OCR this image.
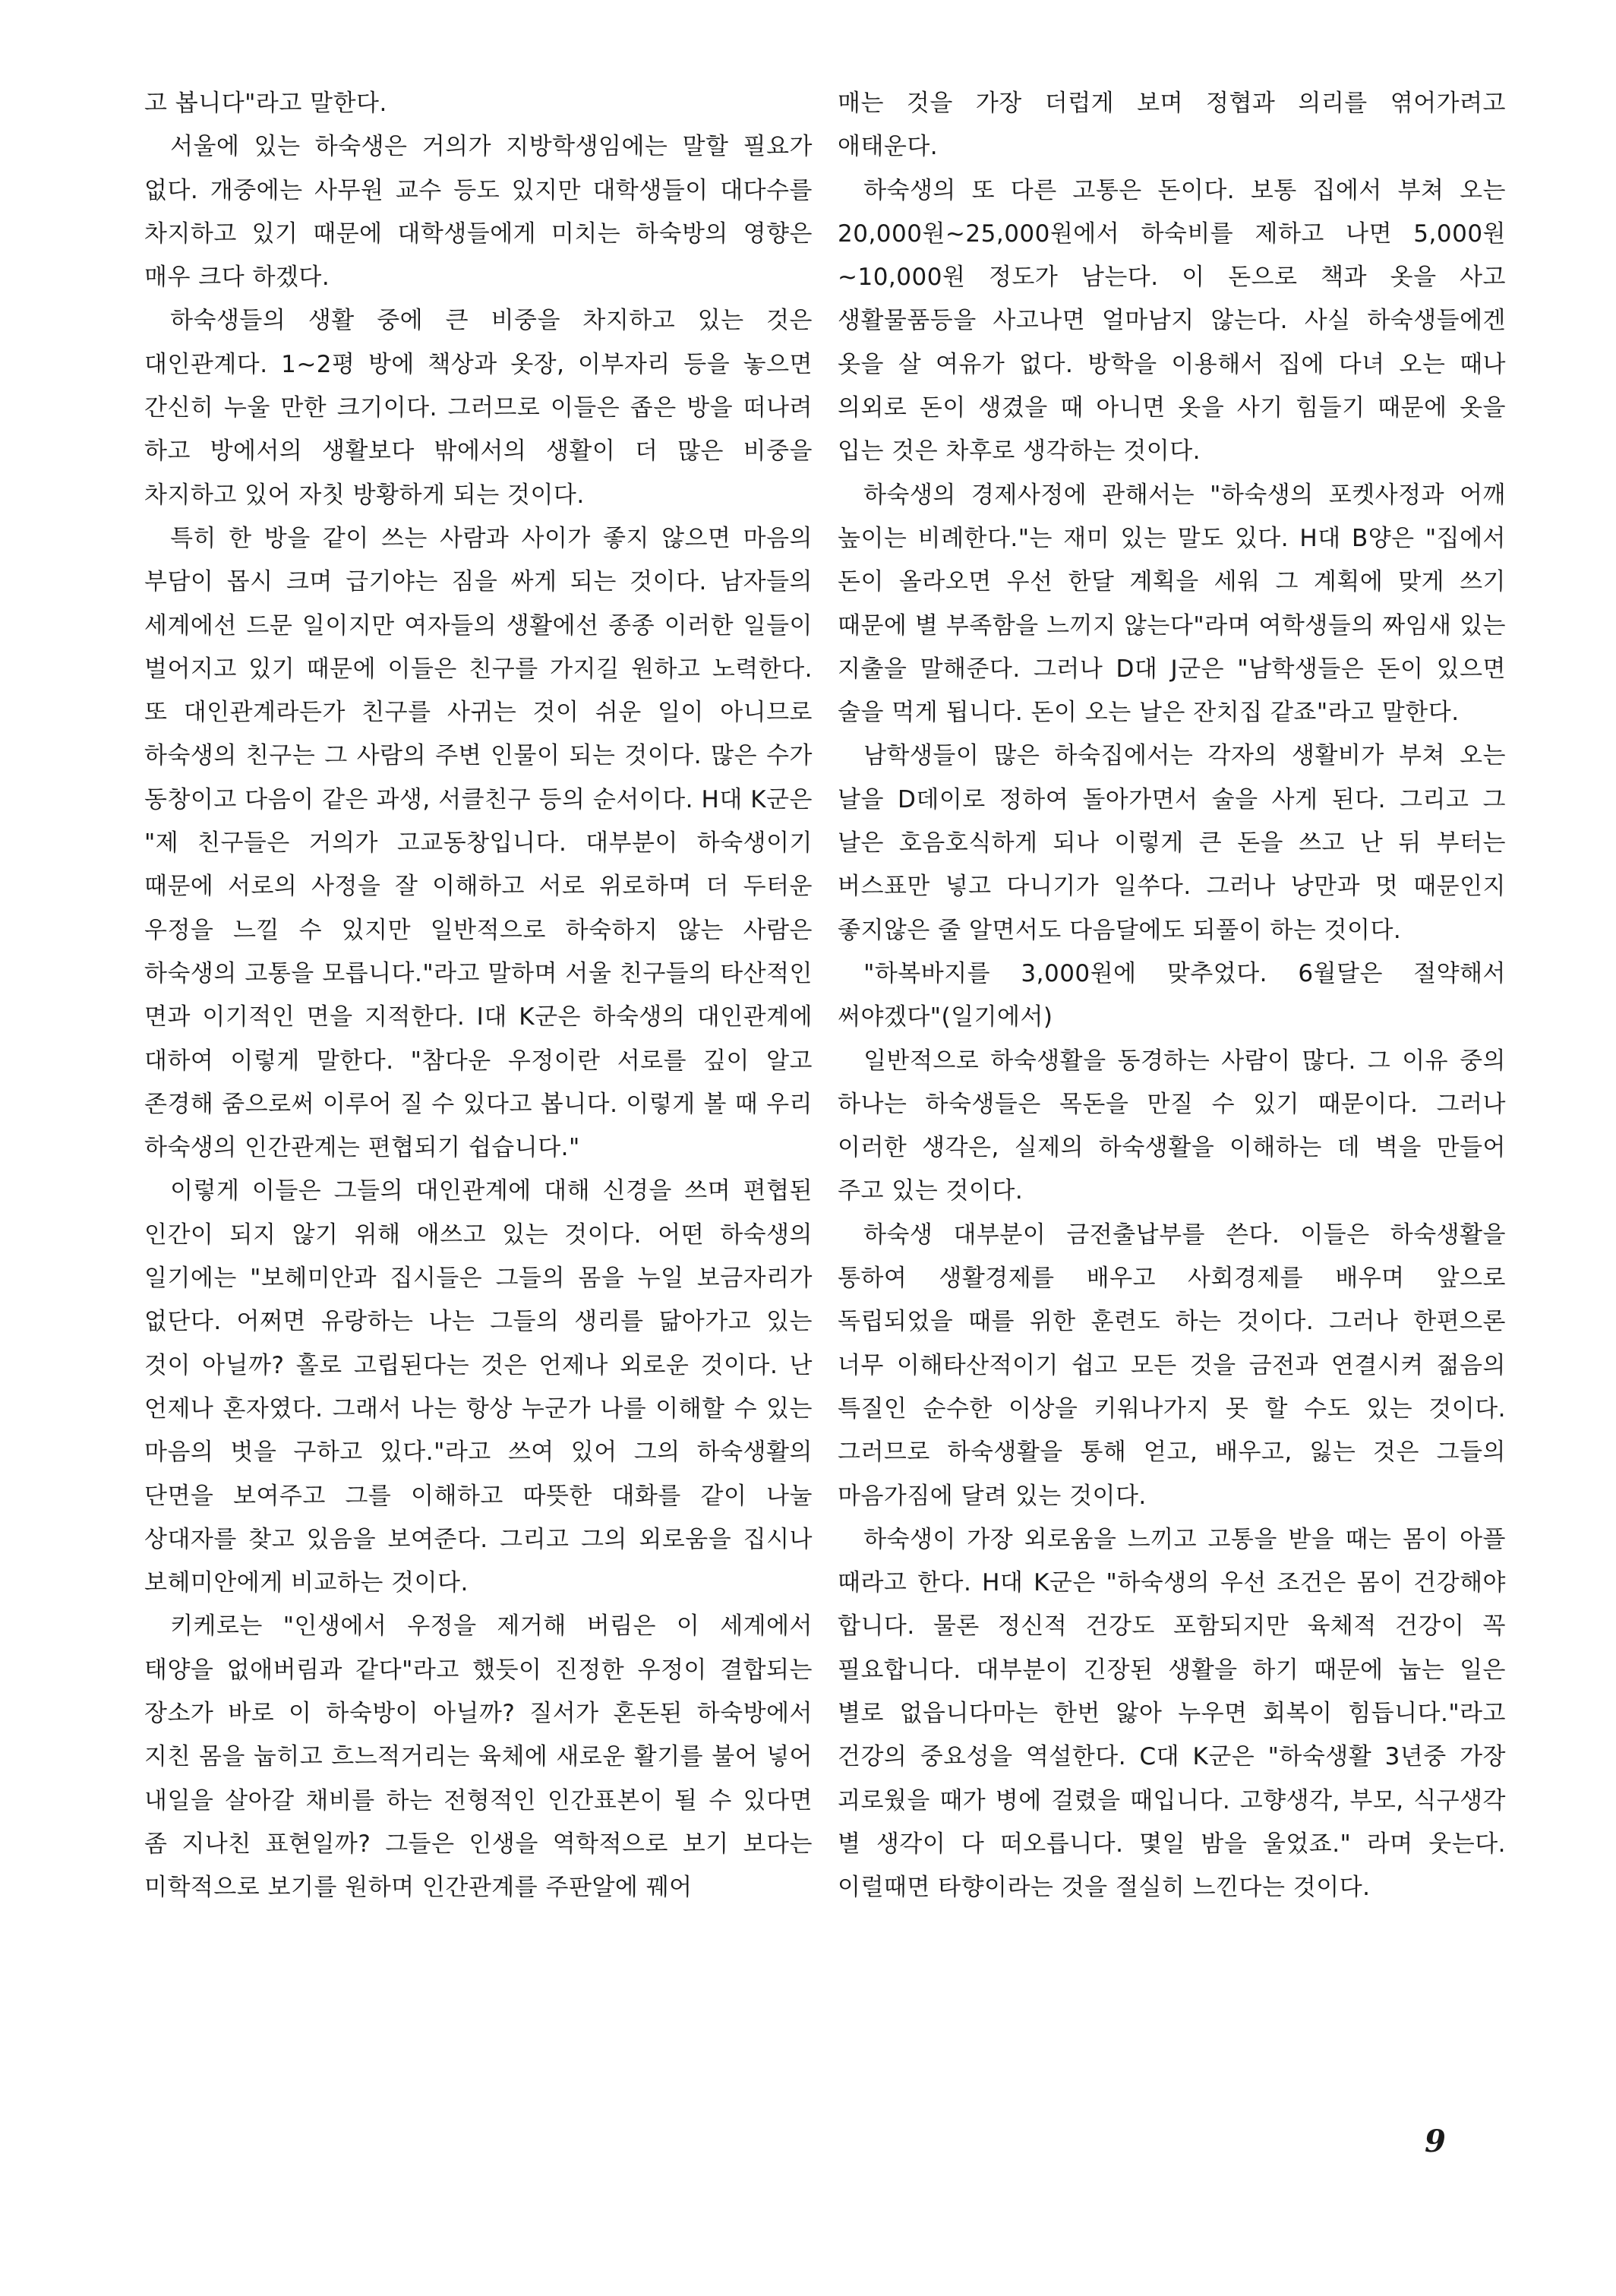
고 봅니다"라고 말한다.

서울에 있는 하숙생은 거의가 지방학생임에는 말할 필요가 없다. 개중에는 사무원 교수 등도 있지만 대학생들이 대다수를 차지하고 있기 때문에 대학생들에게 미치는 하숙방의 영향은 매우 크다 하겠다.

하숙생들의 생활 중에 큰 비중을 차지하고 있는 것은 대인관계다. 1~2평 방에 책상과 옷장, 이부자리 등을 놓으면 간신히 누울 만한 크기이다. 그러므로 이들은 좁은 방을 떠나려 하고 방에서의 생활보다 밖에서의 생활이 더 많은 비중을 차지하고 있어 자칫 방황하게 되는 것이다.

특히 한 방을 같이 쓰는 사람과 사이가 좋지 않으면 마음의 부담이 몹시 크며 급기야는 짐을 싸게 되는 것이다. 남자들의 세계에선 드문 일이지만 여자들의 생활에선 종종 이러한 일들이 벌어지고 있기 때문에 이들은 친구를 가지길 원하고 노력한다. 또 대인관계라든가 친구를 사귀는 것이 쉬운 일이 아니므로 하숙생의 친구는 그 사람의 주변 인물이 되는 것이다. 많은 수가 동창이고 다음이 같은 과생, 서클친구 등의 순서이다. H대 K군은 "제 친구들은 거의가 고교동창입니다. 대부분이 하숙생이기 때문에 서로의 사정을 잘 이해하고 서로 위로하며 더 두터운 우정을 느낄 수 있지만 일반적으로 하숙하지 않는 사람은 하숙생의 고통을 모릅니다."라고 말하며 서울 친구들의 타산적인 면과 이기적인 면을 지적한다. I대 K군은 하숙생의 대인관계에 대하여 이렇게 말한다. "참다운 우정이란 서로를 깊이 알고 존경해 줌으로써 이루어 질 수 있다고 봅니다. 이렇게 볼 때 우리 하숙생의 인간관계는 편협되기 쉽습니다."

이렇게 이들은 그들의 대인관계에 대해 신경을 쓰며 편협된 인간이 되지 않기 위해 애쓰고 있는 것이다. 어떤 하숙생의 일기에는 "보헤미안과 집시들은 그들의 몸을 누일 보금자리가 없단다. 어쩌면 유랑하는 나는 그들의 생리를 닮아가고 있는 것이 아닐까? 홀로 고립된다는 것은 언제나 외로운 것이다. 난 언제나 혼자였다. 그래서 나는 항상 누군가 나를 이해할 수 있는 마음의 벗을 구하고 있다."라고 쓰여 있어 그의 하숙생활의 단면을 보여주고 그를 이해하고 따뜻한 대화를 같이 나눌 상대자를 찾고 있음을 보여준다. 그리고 그의 외로움을 집시나 보헤미안에게 비교하는 것이다.

키케로는 "인생에서 우정을 제거해 버림은 이 세계에서 태양을 없애버림과 같다"라고 했듯이 진정한 우정이 결합되는 장소가 바로 이 하숙방이 아닐까? 질서가 혼돈된 하숙방에서 지친 몸을 눕히고 흐느적거리는 육체에 새로운 활기를 불어 넣어 내일을 살아갈 채비를 하는 전형적인 인간표본이 될 수 있다면 좀 지나친 표현일까? 그들은 인생을 역학적으로 보기 보다는 미학적으로 보기를 원하며 인간관계를 주판알에 꿰어

매는 것을 가장 더럽게 보며 정협과 의리를 엮어가려고 애태운다.

하숙생의 또 다른 고통은 돈이다. 보통 집에서 부쳐 오는 20,000원~25,000원에서 하숙비를 제하고 나면 5,000원~10,000원 정도가 남는다. 이 돈으로 책과 옷을 사고 생활물품등을 사고나면 얼마남지 않는다. 사실 하숙생들에겐 옷을 살 여유가 없다. 방학을 이용해서 집에 다녀 오는 때나 의외로 돈이 생겼을 때 아니면 옷을 사기 힘들기 때문에 옷을 입는 것은 차후로 생각하는 것이다.

하숙생의 경제사정에 관해서는 "하숙생의 포켓사정과 어깨 높이는 비례한다."는 재미 있는 말도 있다. H대 B양은 "집에서 돈이 올라오면 우선 한달 계획을 세워 그 계획에 맞게 쓰기 때문에 별 부족함을 느끼지 않는다"라며 여학생들의 짜임새 있는 지출을 말해준다. 그러나 D대 J군은 "남학생들은 돈이 있으면 술을 먹게 됩니다. 돈이 오는 날은 잔치집 같죠"라고 말한다.

남학생들이 많은 하숙집에서는 각자의 생활비가 부쳐 오는 날을 D데이로 정하여 돌아가면서 술을 사게 된다. 그리고 그 날은 호음호식하게 되나 이렇게 큰 돈을 쓰고 난 뒤 부터는 버스표만 넣고 다니기가 일쑤다. 그러나 낭만과 멋 때문인지 좋지않은 줄 알면서도 다음달에도 되풀이 하는 것이다.

"하복바지를 3,000원에 맞추었다. 6월달은 절약해서 써야겠다"(일기에서)

일반적으로 하숙생활을 동경하는 사람이 많다. 그 이유 중의 하나는 하숙생들은 목돈을 만질 수 있기 때문이다. 그러나 이러한 생각은, 실제의 하숙생활을 이해하는 데 벽을 만들어 주고 있는 것이다.

하숙생 대부분이 금전출납부를 쓴다. 이들은 하숙생활을 통하여 생활경제를 배우고 사회경제를 배우며 앞으로 독립되었을 때를 위한 훈련도 하는 것이다. 그러나 한편으론 너무 이해타산적이기 쉽고 모든 것을 금전과 연결시켜 젊음의 특질인 순수한 이상을 키워나가지 못 할 수도 있는 것이다. 그러므로 하숙생활을 통해 얻고, 배우고, 잃는 것은 그들의 마음가짐에 달려 있는 것이다.

하숙생이 가장 외로움을 느끼고 고통을 받을 때는 몸이 아플 때라고 한다. H대 K군은 "하숙생의 우선 조건은 몸이 건강해야 합니다. 물론 정신적 건강도 포함되지만 육체적 건강이 꼭 필요합니다. 대부분이 긴장된 생활을 하기 때문에 눕는 일은 별로 없읍니다마는 한번 앓아 누우면 회복이 힘듭니다."라고 건강의 중요성을 역설한다. C대 K군은 "하숙생활 3년중 가장 괴로웠을 때가 병에 걸렸을 때입니다. 고향생각, 부모, 식구생각 별 생각이 다 떠오릅니다. 몇일 밤을 울었죠." 라며 웃는다. 이럴때면 타향이라는 것을 절실히 느낀다는 것이다.

9
